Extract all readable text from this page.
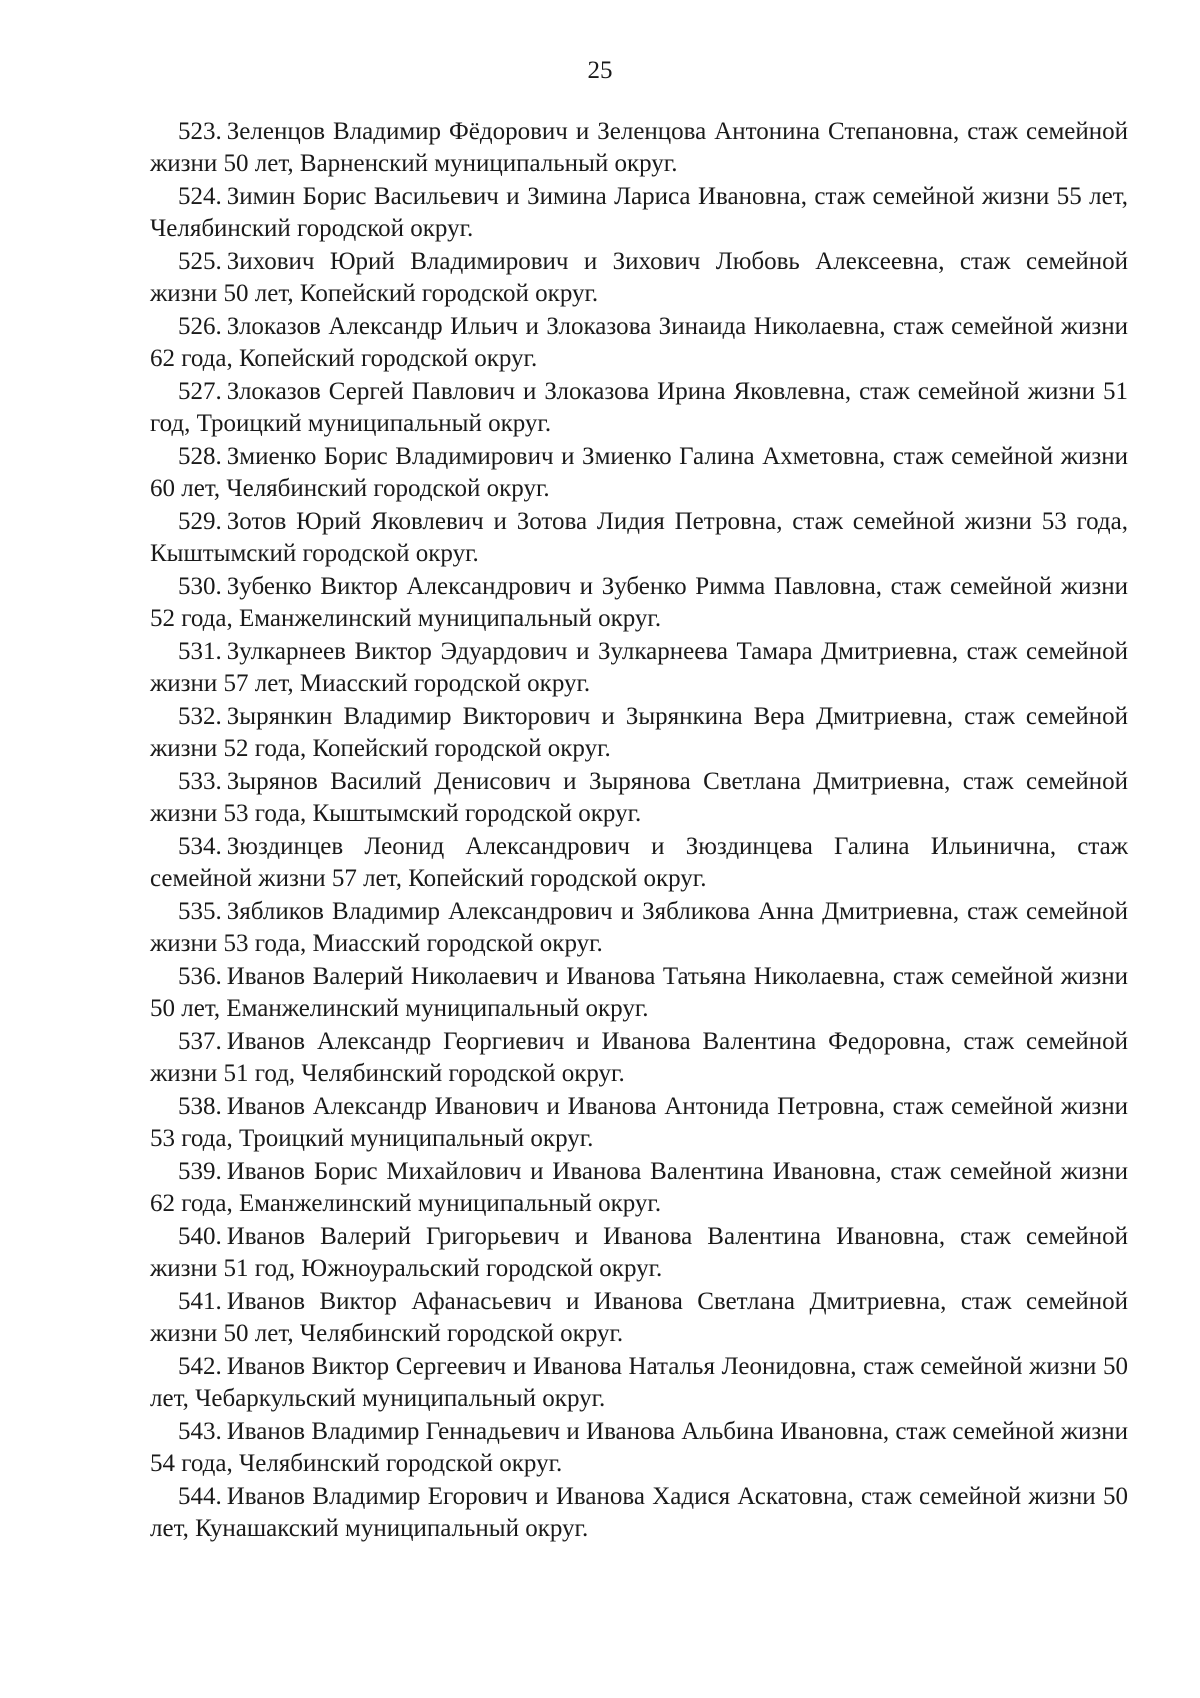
25
523. Зеленцов Владимир Фёдорович и Зеленцова Антонина Степановна, стаж семейной жизни 50 лет, Варненский муниципальный округ.
524. Зимин Борис Васильевич и Зимина Лариса Ивановна, стаж семейной жизни 55 лет, Челябинский городской округ.
525. Зихович Юрий Владимирович и Зихович Любовь Алексеевна, стаж семейной жизни 50 лет, Копейский городской округ.
526. Злоказов Александр Ильич и Злоказова Зинаида Николаевна, стаж семейной жизни 62 года, Копейский городской округ.
527. Злоказов Сергей Павлович и Злоказова Ирина Яковлевна, стаж семейной жизни 51 год, Троицкий муниципальный округ.
528. Змиенко Борис Владимирович и Змиенко Галина Ахметовна, стаж семейной жизни 60 лет, Челябинский городской округ.
529. Зотов Юрий Яковлевич и Зотова Лидия Петровна, стаж семейной жизни 53 года, Кыштымский городской округ.
530. Зубенко Виктор Александрович и Зубенко Римма Павловна, стаж семейной жизни 52 года, Еманжелинский муниципальный округ.
531. Зулкарнеев Виктор Эдуардович и Зулкарнеева Тамара Дмитриевна, стаж семейной жизни 57 лет, Миасский городской округ.
532. Зырянкин Владимир Викторович и Зырянкина Вера Дмитриевна, стаж семейной жизни 52 года, Копейский городской округ.
533. Зырянов Василий Денисович и Зырянова Светлана Дмитриевна, стаж семейной жизни 53 года, Кыштымский городской округ.
534. Зюздинцев Леонид Александрович и Зюздинцева Галина Ильинична, стаж семейной жизни 57 лет, Копейский городской округ.
535. Зябликов Владимир Александрович и Зябликова Анна Дмитриевна, стаж семейной жизни 53 года, Миасский городской округ.
536. Иванов Валерий Николаевич и Иванова Татьяна Николаевна, стаж семейной жизни 50 лет, Еманжелинский муниципальный округ.
537. Иванов Александр Георгиевич и Иванова Валентина Федоровна, стаж семейной жизни 51 год, Челябинский городской округ.
538. Иванов Александр Иванович и Иванова Антонида Петровна, стаж семейной жизни 53 года, Троицкий муниципальный округ.
539. Иванов Борис Михайлович и Иванова Валентина Ивановна, стаж семейной жизни 62 года, Еманжелинский муниципальный округ.
540. Иванов Валерий Григорьевич и Иванова Валентина Ивановна, стаж семейной жизни 51 год, Южноуральский городской округ.
541. Иванов Виктор Афанасьевич и Иванова Светлана Дмитриевна, стаж семейной жизни 50 лет, Челябинский городской округ.
542. Иванов Виктор Сергеевич и Иванова Наталья Леонидовна, стаж семейной жизни 50 лет, Чебаркульский муниципальный округ.
543. Иванов Владимир Геннадьевич и Иванова Альбина Ивановна, стаж семейной жизни 54 года, Челябинский городской округ.
544. Иванов Владимир Егорович и Иванова Хадися Аскатовна, стаж семейной жизни 50 лет, Кунашакский муниципальный округ.
